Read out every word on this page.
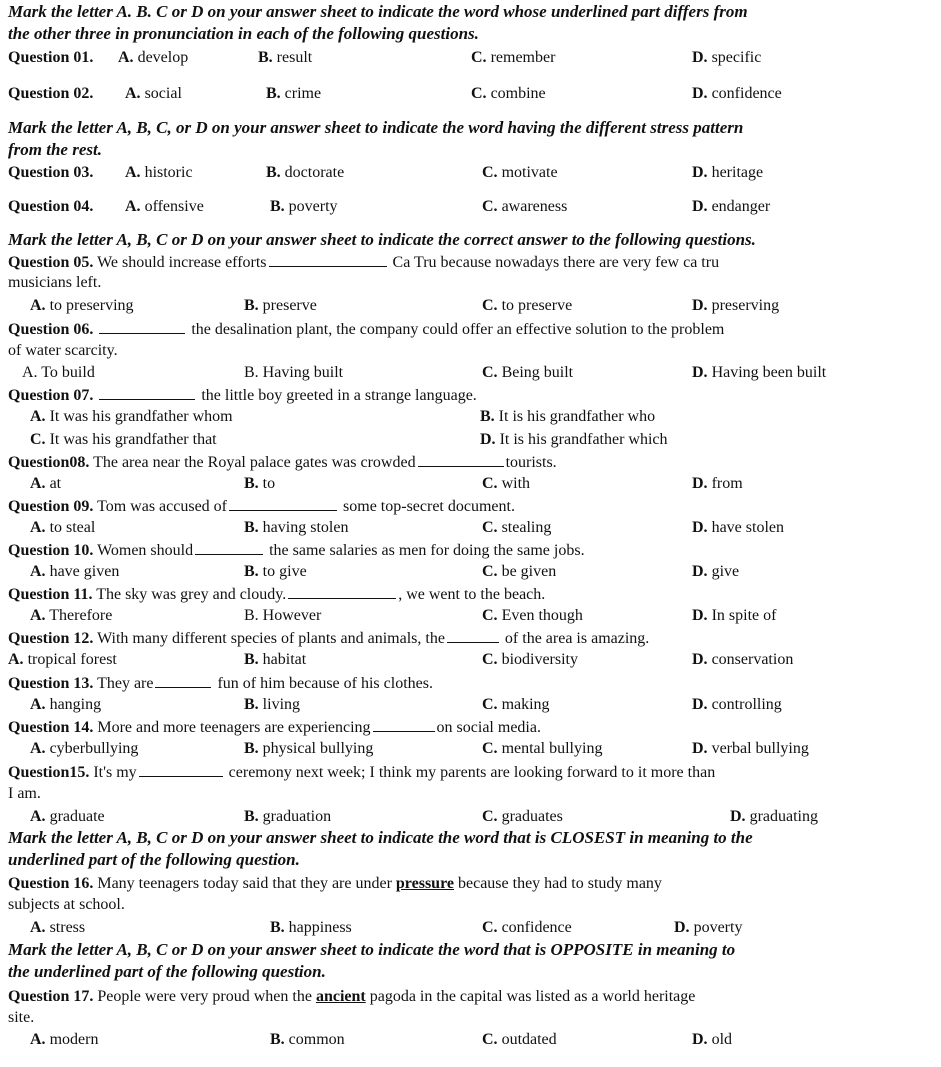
Mark the letter A. B. C or D on your answer sheet to indicate the word whose underlined part differs from
the other three in pronunciation in each of the following questions.
Question 01. A. develop	B. result	C. remember	D. specific
Question 02. A. social	B. crime	C. combine	D. confidence
Mark the letter A, B, C, or D on your answer sheet to indicate the word having the different stress pattern
from the rest.
Question 03. A. historic	B. doctorate	C. motivate	D. heritage
Question 04. A. offensive	B. poverty	C. awareness	D. endanger
Mark the letter A, B, C or D on your answer sheet to indicate the correct answer to the following questions.
Question 05. We should increase efforts	Ca Tru because nowadays there are very few ca tru
musicians left.
A. to preserving	B. preserve	C. to preserve	D. preserving
Question 06.	the desalination plant, the company could offer an effective solution to the problem
of water scarcity.
A. To build	B. Having built	C. Being built	D. Having been built
Question 07.	the little boy greeted in a strange language.
A. It was his grandfather whom	B. It is his grandfather who
C. It was his grandfather that	D. It is his grandfather which
Question08. The area near the Royal palace gates was crowded	tourists.
A. at	B. to	C. with	D. from
Question 09. Tom was accused of	some top-secret document.
A. to steal	B. having stolen	C. stealing	D. have stolen
Question 10. Women should	the same salaries as men for doing the same jobs.
A. have given	B. to give	C. be given	D. give
Question 11. The sky was grey and cloudy.	, we went to the beach.
A. Therefore	B. However	C. Even though	D. In spite of
Question 12. With many different species of plants and animals, the	of the area is amazing.
A. tropical forest	B. habitat	C. biodiversity	D. conservation
Question 13. They are	fun of him because of his clothes.
A. hanging	B. living	C. making	D. controlling
Question 14. More and more teenagers are experiencing	on social media.
A. cyberbullying	B. physical bullying	C. mental bullying	D. verbal bullying
Question15. It's my	ceremony next week; I think my parents are looking forward to it more than
I am.
A. graduate	B. graduation	C. graduates	D. graduating
Mark the letter A, B, C or D on your answer sheet to indicate the word that is CLOSEST in meaning to the
underlined part of the following question.
Question 16. Many teenagers today said that they are under pressure because they had to study many
subjects at school.
A. stress	B. happiness	C. confidence	D. poverty
Mark the letter A, B, C or D on your answer sheet to indicate the word that is OPPOSITE in meaning to
the underlined part of the following question.
Question 17. People were very proud when the ancient pagoda in the capital was listed as a world heritage
site.
A. modern	B. common	C. outdated	D. old
